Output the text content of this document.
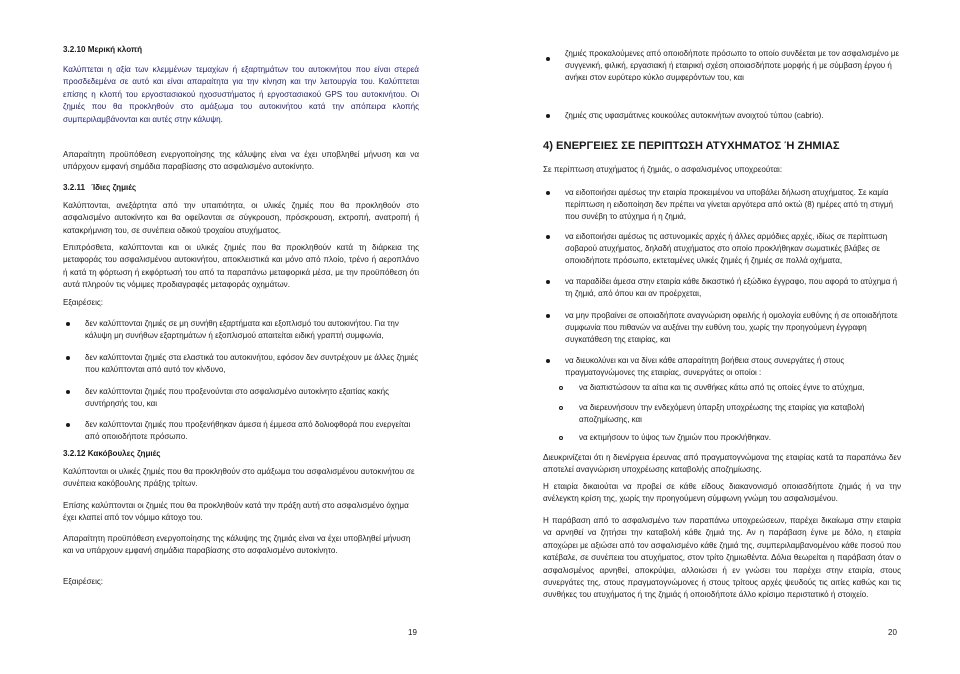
3.2.10 Μερική κλοπή

Καλύπτεται η αξία των κλεμμένων τεμαχίων ή εξαρτημάτων του αυτοκινήτου που είναι στερεά προσδεδεμένα σε αυτό και είναι απαραίτητα για την κίνηση και την λειτουργία του. Καλύπτεται επίσης η κλοπή του εργοστασιακού ηχοσυστήματος ή εργοστασιακού GPS του αυτοκινήτου. Οι ζημιές που θα προκληθούν στο αμάξωμα του αυτοκινήτου κατά την απόπειρα κλοπής συμπεριλαμβάνονται και αυτές στην κάλυψη.

Απαραίτητη προϋπόθεση ενεργοποίησης της κάλυψης είναι να έχει υποβληθεί μήνυση και να υπάρχουν εμφανή σημάδια παραβίασης στο ασφαλισμένο αυτοκίνητο.

3.2.11 Ίδιες ζημιές

Καλύπτονται, ανεξάρτητα από την υπαιτιότητα, οι υλικές ζημιές που θα προκληθούν στο ασφαλισμένο αυτοκίνητο και θα οφείλονται σε σύγκρουση, πρόσκρουση, εκτροπή, ανατροπή ή κατακρήμνιση του, σε συνέπεια οδικού τροχαίου ατυχήματος.

Επιπρόσθετα, καλύπτονται και οι υλικές ζημιές που θα προκληθούν κατά τη διάρκεια της μεταφοράς του ασφαλισμένου αυτοκινήτου, αποκλειστικά και μόνο από πλοίο, τρένο ή αεροπλάνο ή κατά τη φόρτωση ή εκφόρτωσή του από τα παραπάνω μεταφορικά μέσα, με την προϋπόθεση ότι αυτά πληρούν τις νόμιμες προδιαγραφές μεταφοράς οχημάτων.

Εξαιρέσεις:

δεν καλύπτονται ζημιές σε μη συνήθη εξαρτήματα και εξοπλισμό του αυτοκινήτου. Για την κάλυψη μη συνήθων εξαρτημάτων ή εξοπλισμού απαιτείται ειδική γραπτή συμφωνία,

δεν καλύπτονται ζημιές στα ελαστικά του αυτοκινήτου, εφόσον δεν συντρέχουν με άλλες ζημιές που καλύπτονται από αυτό τον κίνδυνο,

δεν καλύπτονται ζημιές που προξενούνται στο ασφαλισμένο αυτοκίνητο εξαιτίας κακής συντήρησής του, και

δεν καλύπτονται ζημιές που προξενήθηκαν άμεσα ή έμμεσα από δολιοφθορά που ενεργείται από οποιοδήποτε πρόσωπο.

3.2.12 Κακόβουλες ζημιές

Καλύπτονται οι υλικές ζημιές που θα προκληθούν στο αμάξωμα του ασφαλισμένου αυτοκινήτου σε συνέπεια κακόβουλης πράξης τρίτων.

Επίσης καλύπτονται οι ζημιές που θα προκληθούν κατά την πράξη αυτή στο ασφαλισμένο όχημα έχει κλαπεί από τον νόμιμο κάτοχο του.

Απαραίτητη προϋπόθεση ενεργοποίησης της κάλυψης της ζημιάς είναι να έχει υποβληθεί μήνυση και να υπάρχουν εμφανή σημάδια παραβίασης στο ασφαλισμένο αυτοκίνητο.

Εξαιρέσεις:

19

ζημιές προκαλούμενες από οποιοδήποτε πρόσωπο το οποίο συνδέεται με τον ασφαλισμένο με συγγενική, φιλική, εργασιακή ή εταιρική σχέση οποιασδήποτε μορφής ή με σύμβαση έργου ή ανήκει στον ευρύτερο κύκλο συμφερόντων του, και

ζημιές στις υφασμάτινες κουκούλες αυτοκινήτων ανοιχτού τύπου (cabrio).

4) ΕΝΕΡΓΕΙΕΣ ΣΕ ΠΕΡΙΠΤΩΣΗ ΑΤΥΧΗΜΑΤΟΣ Ή ΖΗΜΙΑΣ

Σε περίπτωση ατυχήματος ή ζημιάς, ο ασφαλισμένος υποχρεούται:

να ειδοποιήσει αμέσως την εταιρία προκειμένου να υποβάλει δήλωση ατυχήματος. Σε καμία περίπτωση η ειδοποίηση δεν πρέπει να γίνεται αργότερα από οκτώ (8) ημέρες από τη στιγμή που συνέβη το ατύχημα ή η ζημιά,

να ειδοποιήσει αμέσως τις αστυνομικές αρχές ή άλλες αρμόδιες αρχές, ιδίως σε περίπτωση σοβαρού ατυχήματος, δηλαδή ατυχήματος στο οποίο προκλήθηκαν σωματικές βλάβες σε οποιοδήποτε πρόσωπο, εκτεταμένες υλικές ζημιές ή ζημιές σε πολλά οχήματα,

να παραδίδει άμεσα στην εταιρία κάθε δικαστικό ή εξώδικο έγγραφο, που αφορά το ατύχημα ή τη ζημιά, από όπου και αν προέρχεται,

να μην προβαίνει σε οποιαδήποτε αναγνώριση οφειλής ή ομολογία ευθύνης ή σε οποιαδήποτε συμφωνία που πιθανών να αυξάνει την ευθύνη του, χωρίς την προηγούμενη έγγραφη συγκατάθεση της εταιρίας, και

να διευκολύνει και να δίνει κάθε απαραίτητη βοήθεια στους συνεργάτες ή στους πραγματογνώμονες της εταιρίας, συνεργάτες οι οποίοι :

να διαπιστώσουν τα αίτια και τις συνθήκες κάτω από τις οποίες έγινε το ατύχημα,

να διερευνήσουν την ενδεχόμενη ύπαρξη υποχρέωσης της εταιρίας για καταβολή αποζημίωσης, και

να εκτιμήσουν το ύψος των ζημιών που προκλήθηκαν.

Διευκρινίζεται ότι η διενέργεια έρευνας από πραγματογνώμονα της εταιρίας κατά τα παραπάνω δεν αποτελεί αναγνώριση υποχρέωσης καταβολής αποζημίωσης.

Η εταιρία δικαιούται να προβεί σε κάθε είδους διακανονισμό οποιασδήποτε ζημιάς ή να την ανέλεγκτη κρίση της, χωρίς την προηγούμενη σύμφωνη γνώμη του ασφαλισμένου.

Η παράβαση από το ασφαλισμένο των παραπάνω υποχρεώσεων, παρέχει δικαίωμα στην εταιρία να αρνηθεί να ζητήσει την καταβολή κάθε ζημιά της. Αν η παράβαση έγινε με δόλο, η εταιρία αποχώρει με αξιώσει από τον ασφαλισμένο κάθε ζημιά της, συμπεριλαμβανομένου κάθε ποσού που κατέβαλε, σε συνέπεια του ατυχήματος, στον τρίτο ζημιωθέντα. Δόλια θεωρείται η παράβαση όταν ο ασφαλισμένος αρνηθεί, αποκρύψει, αλλοιώσει ή εν γνώσει του παρέχει στην εταιρία, στους συνεργάτες της, στους πραγματογνώμονες ή στους τρίτους αρχές ψευδούς τις αιτίες καθώς και τις συνθήκες του ατυχήματος ή της ζημιάς ή οποιοδήποτε άλλο κρίσιμο περιστατικό ή στοιχείο.

20
